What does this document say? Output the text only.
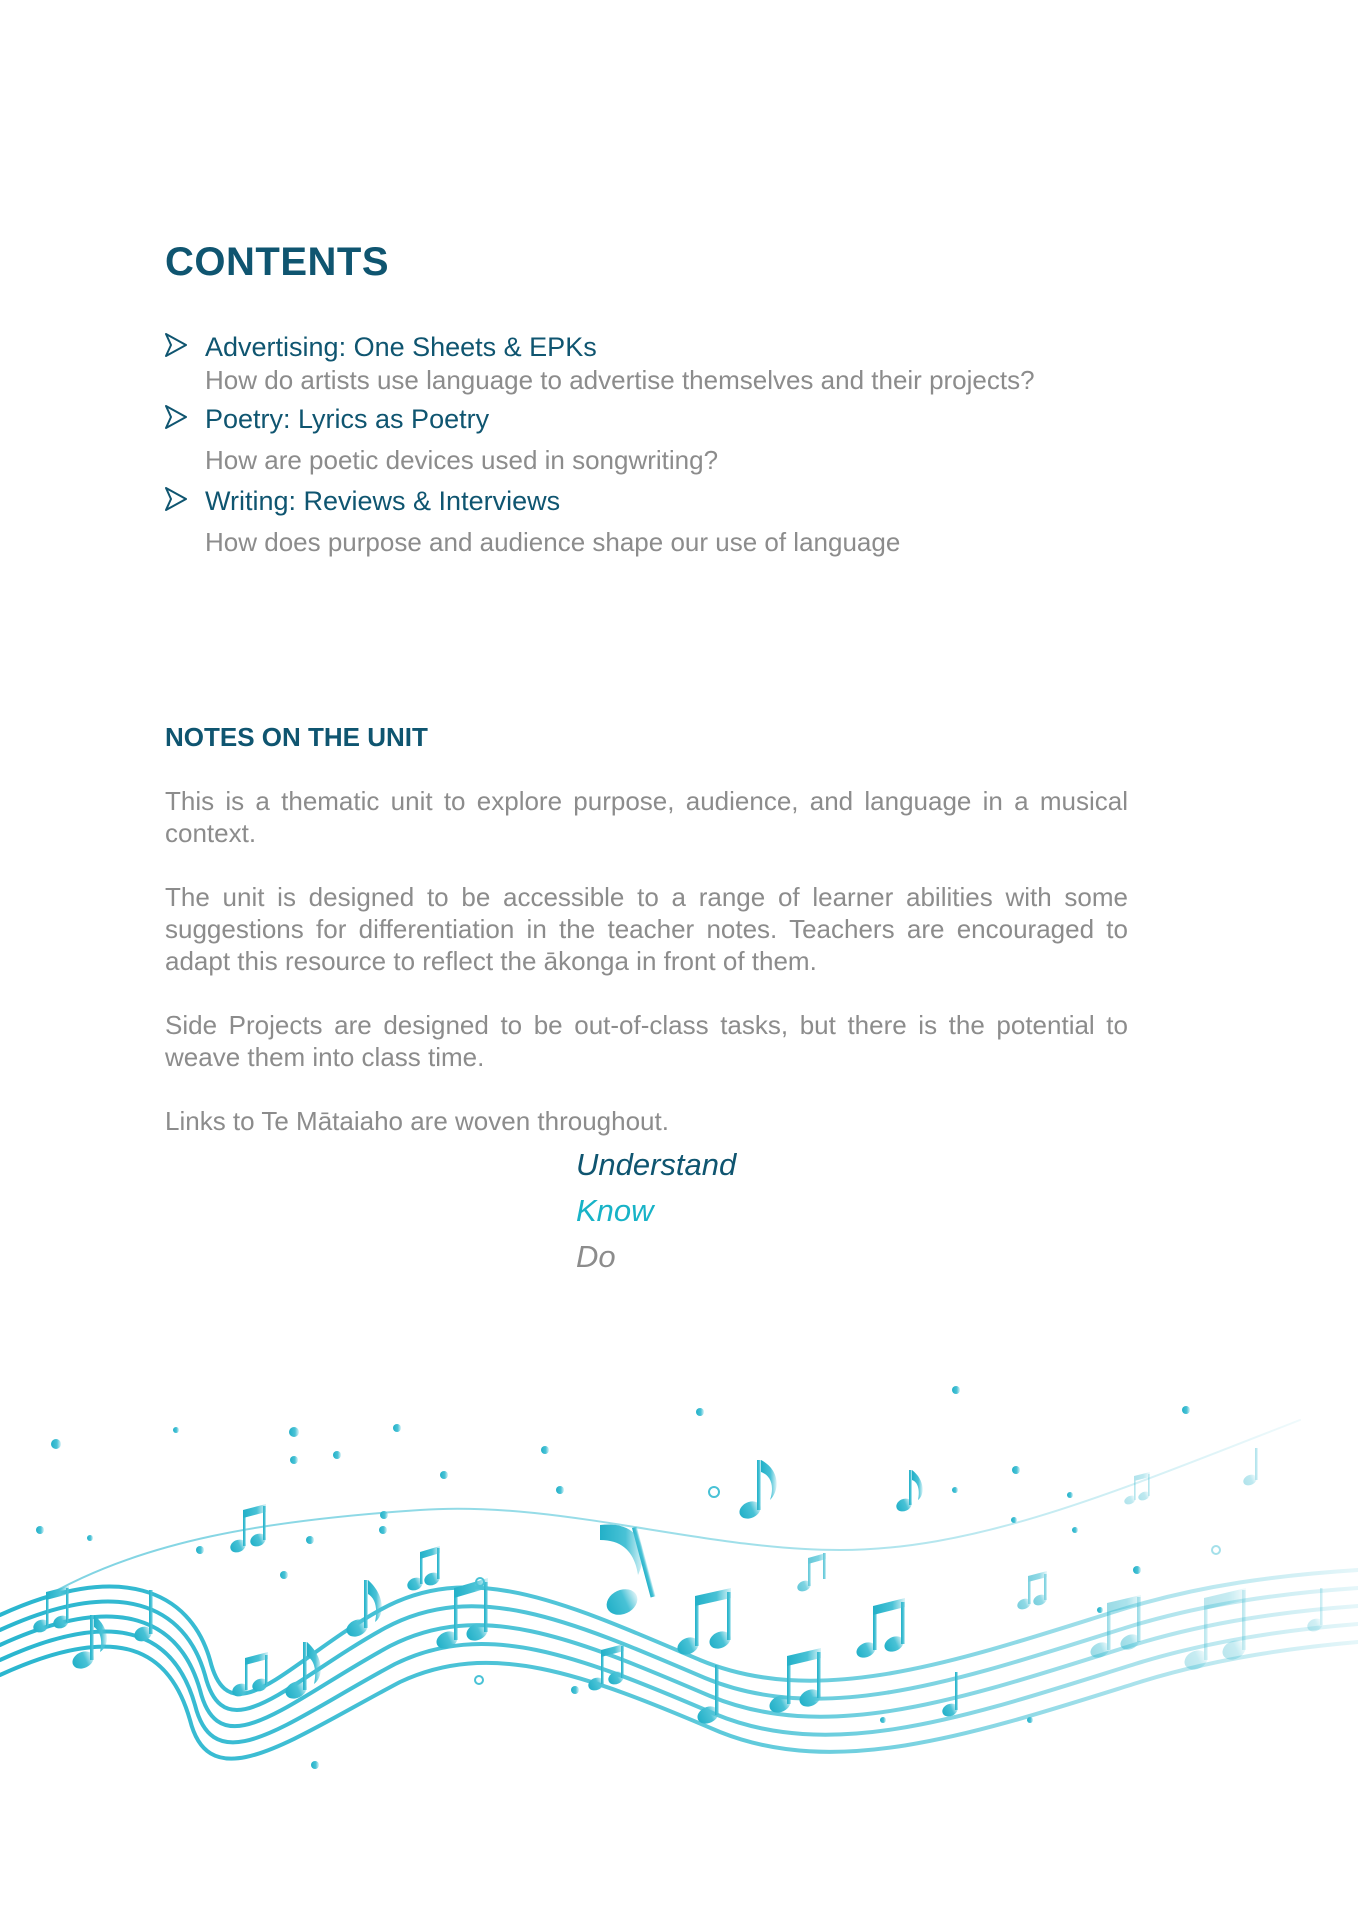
CONTENTS
Advertising: One Sheets & EPKs
How do artists use language to advertise themselves and their projects?
Poetry: Lyrics as Poetry
How are poetic devices used in songwriting?
Writing: Reviews & Interviews
How does purpose and audience shape our use of language
NOTES ON THE UNIT

This is a thematic unit to explore purpose, audience, and language in a musical context.

The unit is designed to be accessible to a range of learner abilities with some suggestions for differentiation in the teacher notes. Teachers are encouraged to adapt this resource to reflect the ākonga in front of them.

Side Projects are designed to be out-of-class tasks, but there is the potential to weave them into class time.

Links to Te Mātaiaho are woven throughout.

Understand
Know
Do
